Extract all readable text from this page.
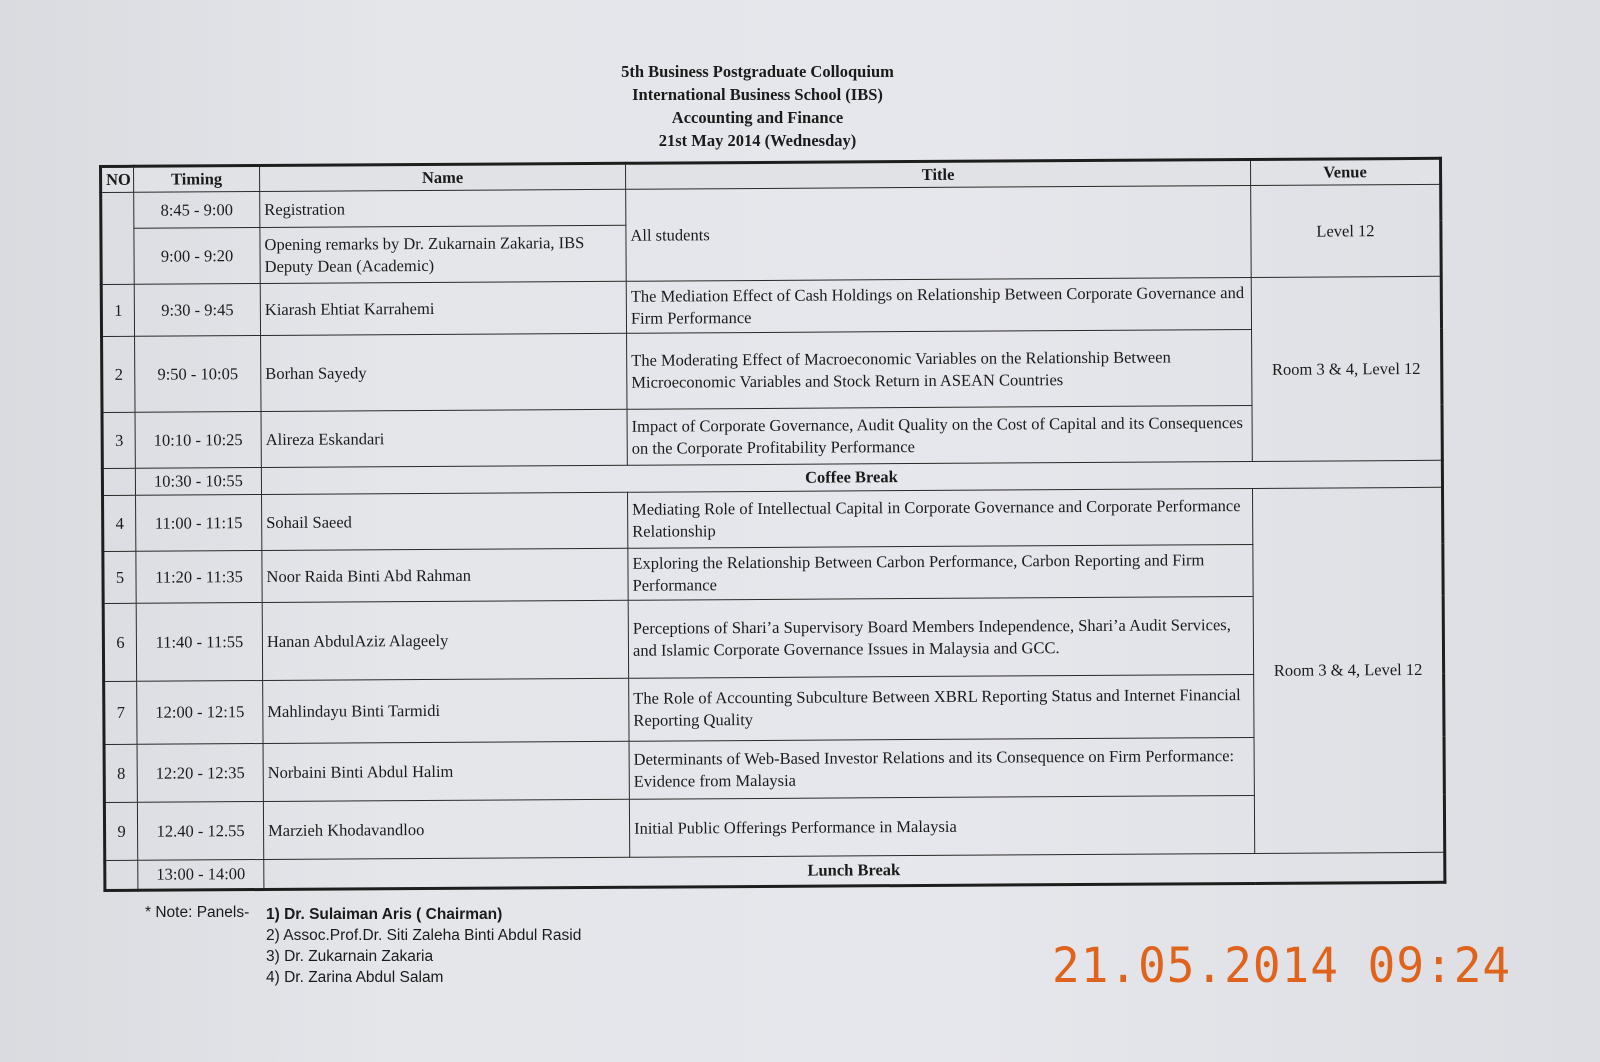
5th Business Postgraduate Colloquium
International Business School (IBS)
Accounting and Finance
21st May 2014 (Wednesday)
NO	Timing	Name	Title	Venue
	8:45 - 9:00	Registration	All students	Level 12
	9:00 - 9:20	Opening remarks by Dr. Zukarnain Zakaria, IBS Deputy Dean (Academic)		
1	9:30 - 9:45	Kiarash Ehtiat Karrahemi	The Mediation Effect of Cash Holdings on Relationship Between Corporate Governance and Firm Performance	Room 3 & 4, Level 12
2	9:50 - 10:05	Borhan Sayedy	The Moderating Effect of Macroeconomic Variables on the Relationship Between Microeconomic Variables and Stock Return in ASEAN Countries	
3	10:10 - 10:25	Alireza Eskandari	Impact of Corporate Governance, Audit Quality on the Cost of Capital and its Consequences on the Corporate Profitability Performance	
	10:30 - 10:55	Coffee Break		
4	11:00 - 11:15	Sohail Saeed	Mediating Role of Intellectual Capital in Corporate Governance and Corporate Performance Relationship	Room 3 & 4, Level 12
5	11:20 - 11:35	Noor Raida Binti Abd Rahman	Exploring the Relationship Between Carbon Performance, Carbon Reporting and Firm Performance	
6	11:40 - 11:55	Hanan AbdulAziz Alageely	Perceptions of Shari’a Supervisory Board Members Independence, Shari’a Audit Services, and Islamic Corporate Governance Issues in Malaysia and GCC.	
7	12:00 - 12:15	Mahlindayu Binti Tarmidi	The Role of Accounting Subculture Between XBRL Reporting Status and Internet Financial Reporting Quality	
8	12:20 - 12:35	Norbaini Binti Abdul Halim	Determinants of Web-Based Investor Relations and its Consequence on Firm Performance: Evidence from Malaysia	
9	12.40 - 12.55	Marzieh Khodavandloo	Initial Public Offerings Performance in Malaysia	
	13:00 - 14:00	Lunch Break		
* Note: Panels- 1) Dr. Sulaiman Aris ( Chairman)
2) Assoc.Prof.Dr. Siti Zaleha Binti Abdul Rasid
3) Dr. Zukarnain Zakaria
4) Dr. Zarina Abdul Salam	21.05.2014 09:24
